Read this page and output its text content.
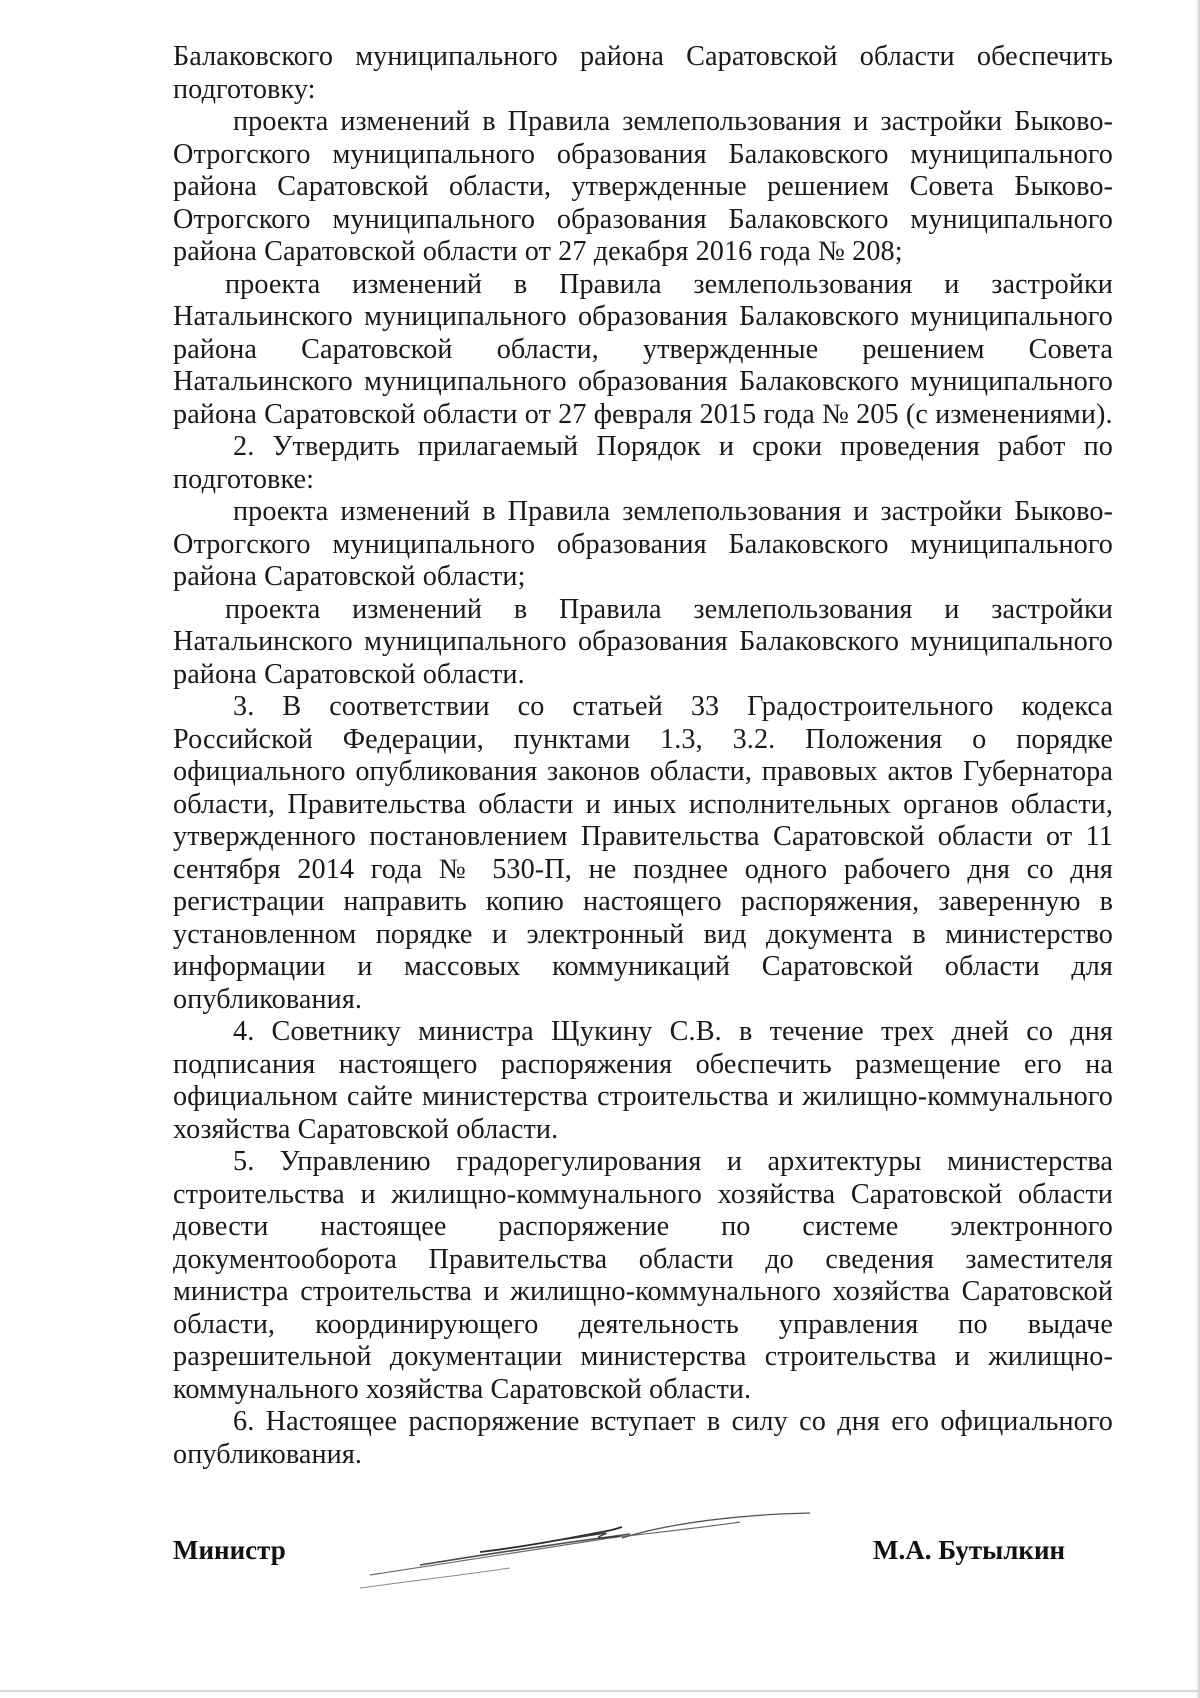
Балаковского муниципального района Саратовской области обеспечить подготовку:

проекта изменений в Правила землепользования и застройки Быково-Отрогского муниципального образования Балаковского муниципального района Саратовской области, утвержденные решением Совета Быково-Отрогского муниципального образования Балаковского муниципального района Саратовской области от 27 декабря 2016 года № 208;

проекта изменений в Правила землепользования и застройки Натальинского муниципального образования Балаковского муниципального района Саратовской области, утвержденные решением Совета Натальинского муниципального образования Балаковского муниципального района Саратовской области от 27 февраля 2015 года № 205 (с изменениями).

2. Утвердить прилагаемый Порядок и сроки проведения работ по подготовке:

проекта изменений в Правила землепользования и застройки Быково-Отрогского муниципального образования Балаковского муниципального района Саратовской области;

проекта изменений в Правила землепользования и застройки Натальинского муниципального образования Балаковского муниципального района Саратовской области.

3. В соответствии со статьей 33 Градостроительного кодекса Российской Федерации, пунктами 1.3, 3.2. Положения о порядке официального опубликования законов области, правовых актов Губернатора области, Правительства области и иных исполнительных органов области, утвержденного постановлением Правительства Саратовской области от 11 сентября 2014 года № 530-П, не позднее одного рабочего дня со дня регистрации направить копию настоящего распоряжения, заверенную в установленном порядке и электронный вид документа в министерство информации и массовых коммуникаций Саратовской области для опубликования.

4. Советнику министра Щукину С.В. в течение трех дней со дня подписания настоящего распоряжения обеспечить размещение его на официальном сайте министерства строительства и жилищно-коммунального хозяйства Саратовской области.

5. Управлению градорегулирования и архитектуры министерства строительства и жилищно-коммунального хозяйства Саратовской области довести настоящее распоряжение по системе электронного документооборота Правительства области до сведения заместителя министра строительства и жилищно-коммунального хозяйства Саратовской области, координирующего деятельность управления по выдаче разрешительной документации министерства строительства и жилищно-коммунального хозяйства Саратовской области.

6. Настоящее распоряжение вступает в силу со дня его официального опубликования.

Министр	М.А. Бутылкин
